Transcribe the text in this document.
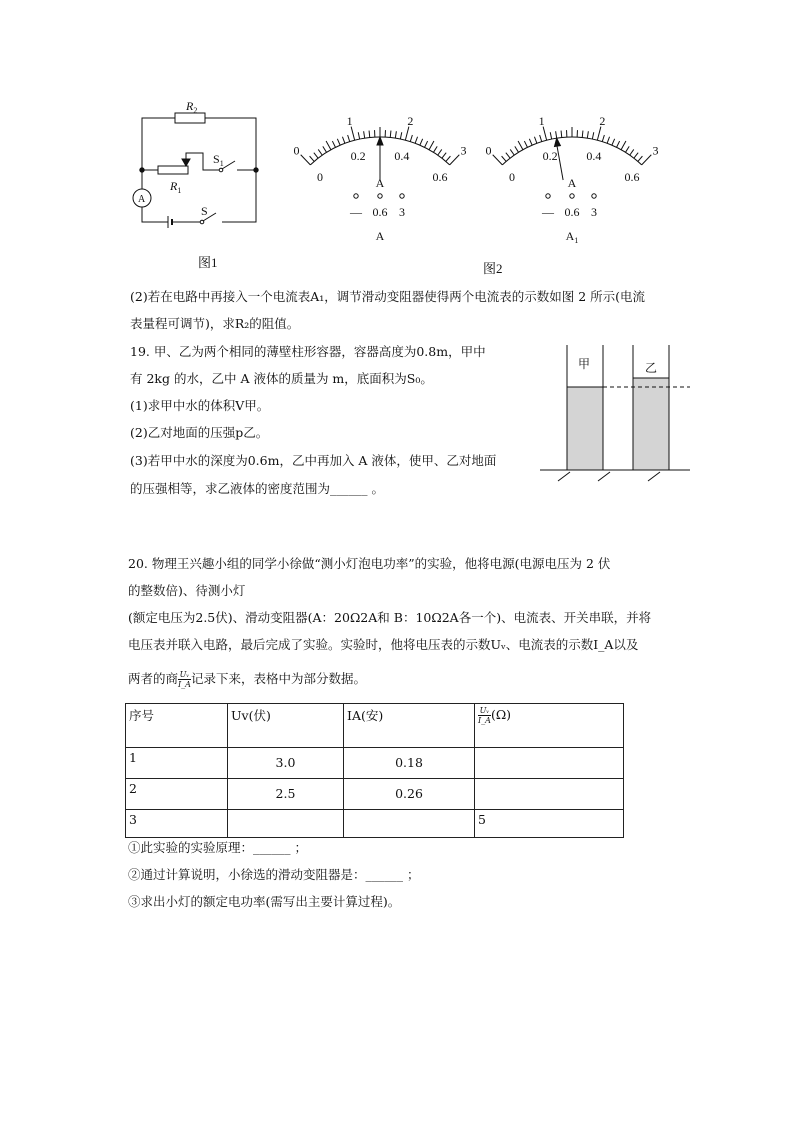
$R_2$
$R_1$
$S_1$
S
A
图1	图2
0
1	2
3
0
0.2 0.4
0.6
A
— 0.6 3
A
0
1	2
3
0
0.2 0.4
0.6
A
— 0.6 3
$A_1$
甲	乙
(2)若在电路中再接入一个电流表A₁，调节滑动变阻器使得两个电流表的示数如图 2 所示(电流
表量程可调节)，求R₂的阻值。
19. 甲、乙为两个相同的薄壁柱形容器，容器高度为0.8m，甲中
有 2kg 的水，乙中 A 液体的质量为 m，底面积为S₀。
(1)求甲中水的体积V甲。
(2)乙对地面的压强p乙。
(3)若甲中水的深度为0.6m，乙中再加入 A 液体，使甲、乙对地面
的压强相等，求乙液体的密度范围为______ 。
20. 物理王兴趣小组的同学小徐做“测小灯泡电功率”的实验，他将电源(电源电压为 2 伏
的整数倍)、待测小灯
(额定电压为2.5伏)、滑动变阻器(A：20Ω2A和 B：10Ω2A各一个)、电流表、开关串联，并将
电压表并联入电路，最后完成了实验。实验时，他将电压表的示数Uᵥ、电流表的示数I_A以及
两者的商 $\frac{\text{Uᵥ}}{I\_A}$ 记录下来，表格中为部分数据。
序号	Uv(伏)	IA(安)	$\frac{\text{Uᵥ}}{I\_A} (\Omega)$
1	3.0	0.18	
2	2.5	0.26	
3			5
①此实验的实验原理：______ ；
②通过计算说明，小徐选的滑动变阻器是：______ ；
③求出小灯的额定电功率(需写出主要计算过程)。
